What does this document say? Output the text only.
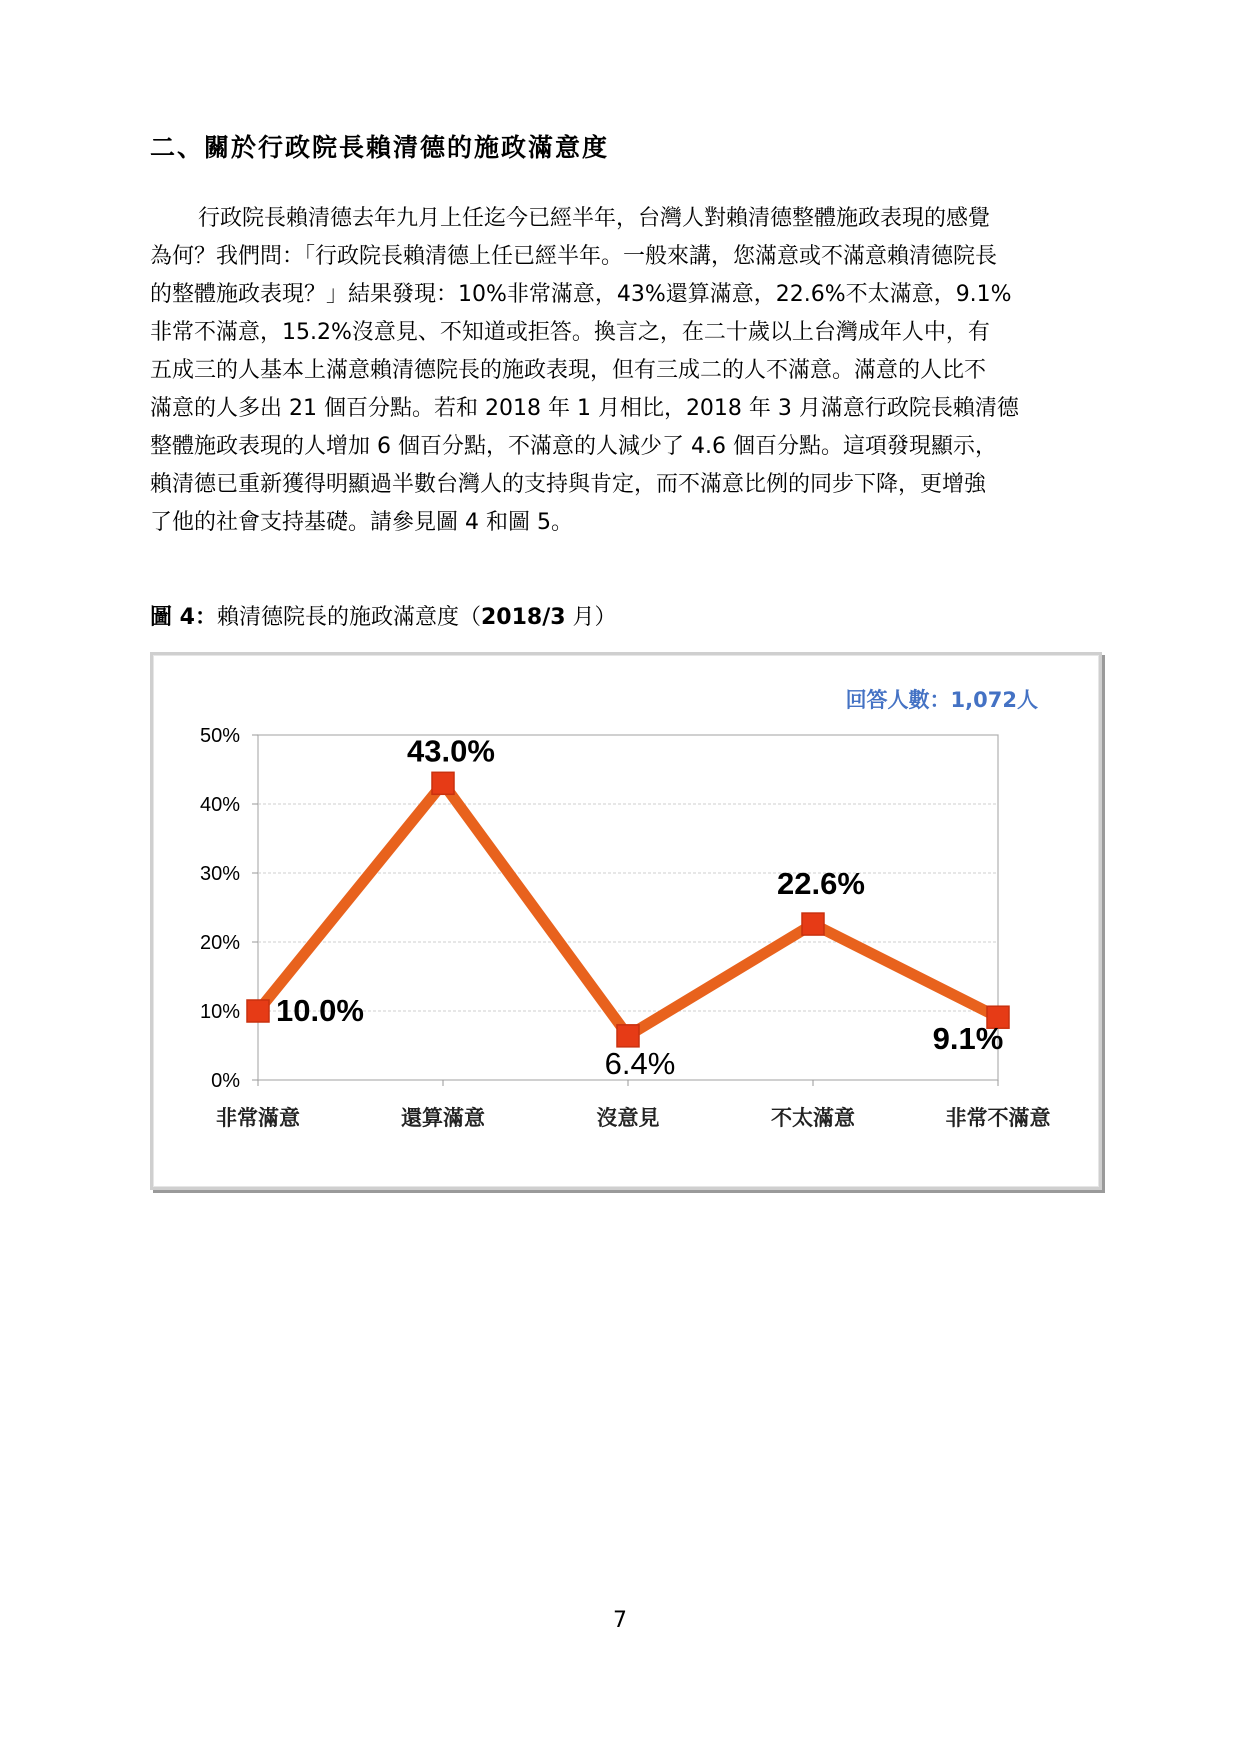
二、關於行政院長賴清德的施政滿意度
行政院長賴清德去年九月上任迄今已經半年，台灣人對賴清德整體施政表現的感覺
為何？我們問：「行政院長賴清德上任已經半年。一般來講，您滿意或不滿意賴清德院長
的整體施政表現？」結果發現：10%非常滿意，43%還算滿意，22.6%不太滿意，9.1%
非常不滿意，15.2%沒意見、不知道或拒答。換言之，在二十歲以上台灣成年人中，有
五成三的人基本上滿意賴清德院長的施政表現，但有三成二的人不滿意。滿意的人比不
滿意的人多出 21 個百分點。若和 2018 年 1 月相比，2018 年 3 月滿意行政院長賴清德
整體施政表現的人增加 6 個百分點，不滿意的人減少了 4.6 個百分點。這項發現顯示，
賴清德已重新獲得明顯過半數台灣人的支持與肯定，而不滿意比例的同步下降，更增強
了他的社會支持基礎。請參見圖 4 和圖 5。
圖 4：賴清德院長的施政滿意度（2018/3 月）
0%
10%
20%
30%
40%
50%
非常滿意	還算滿意	沒意見	不太滿意	非常不滿意
10.0%
43.0%
6.4%
22.6%
9.1%
回答人數：1,072人
7
